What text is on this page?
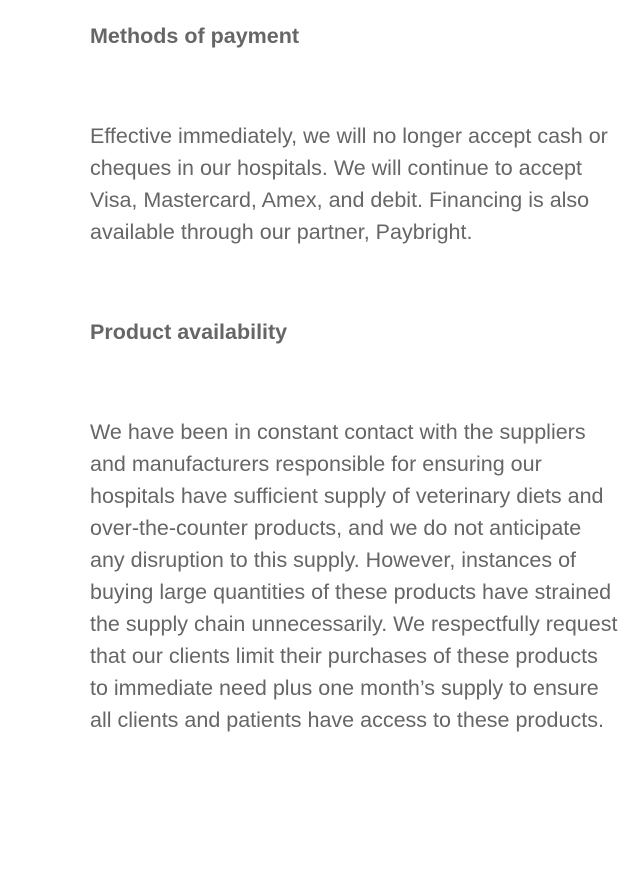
Methods of payment

Effective immediately, we will no longer accept cash or cheques in our hospitals. We will continue to accept Visa, Mastercard, Amex, and debit. Financing is also available through our partner, Paybright.

Product availability

We have been in constant contact with the suppliers and manufacturers responsible for ensuring our hospitals have sufficient supply of veterinary diets and over-the-counter products, and we do not anticipate any disruption to this supply. However, instances of buying large quantities of these products have strained the supply chain unnecessarily. We respectfully request that our clients limit their purchases of these products to immediate need plus one month’s supply to ensure all clients and patients have access to these products.
